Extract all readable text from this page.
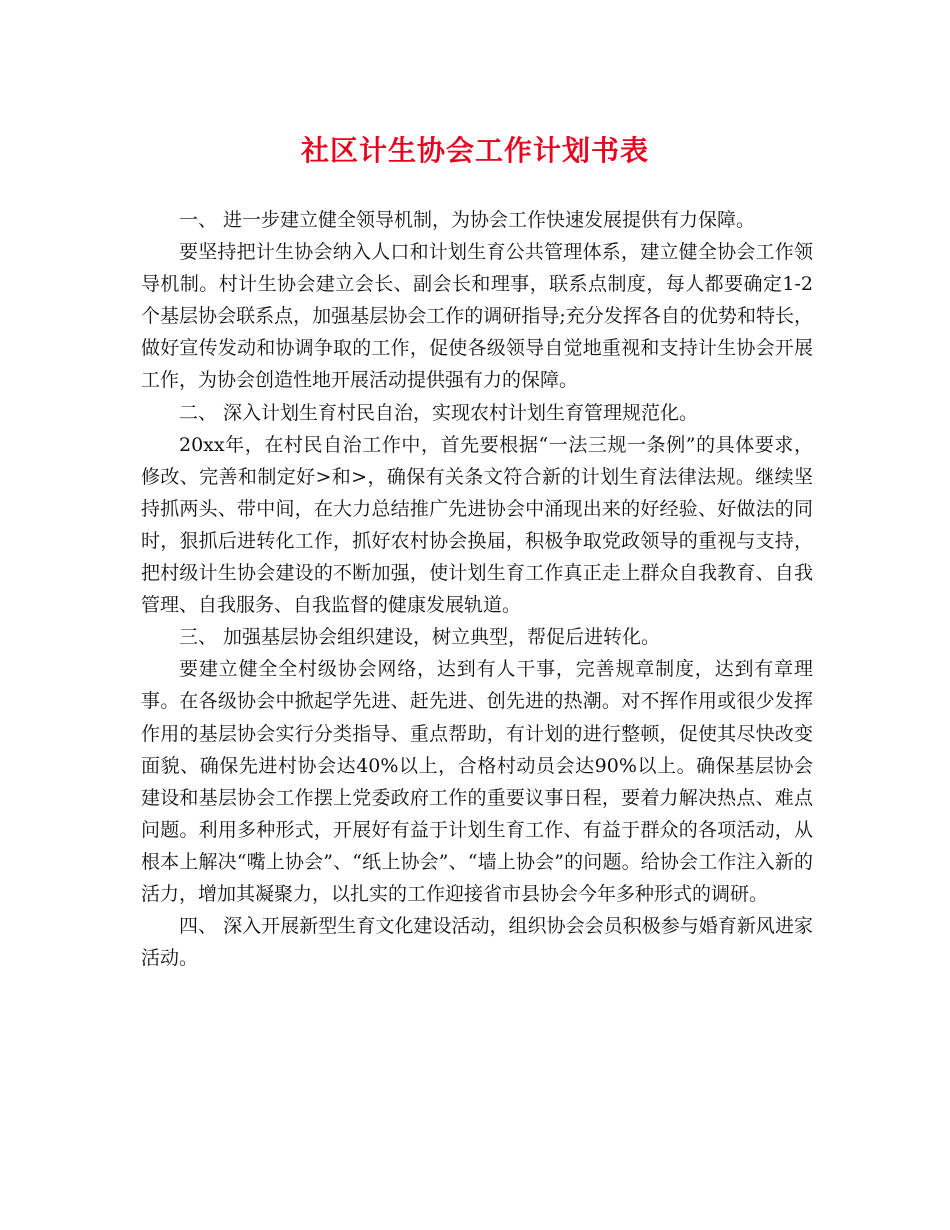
社区计生协会工作计划书表

一、 进一步建立健全领导机制，为协会工作快速发展提供有力保障。

要坚持把计生协会纳入人口和计划生育公共管理体系，建立健全协会工作领导机制。村计生协会建立会长、副会长和理事，联系点制度，每人都要确定1-2个基层协会联系点，加强基层协会工作的调研指导;充分发挥各自的优势和特长，做好宣传发动和协调争取的工作，促使各级领导自觉地重视和支持计生协会开展工作，为协会创造性地开展活动提供强有力的保障。

二、 深入计划生育村民自治，实现农村计划生育管理规范化。

20xx年，在村民自治工作中，首先要根据“一法三规一条例”的具体要求，修改、完善和制定好>和>，确保有关条文符合新的计划生育法律法规。继续坚持抓两头、带中间，在大力总结推广先进协会中涌现出来的好经验、好做法的同时，狠抓后进转化工作，抓好农村协会换届，积极争取党政领导的重视与支持，把村级计生协会建设的不断加强，使计划生育工作真正走上群众自我教育、自我管理、自我服务、自我监督的健康发展轨道。

三、 加强基层协会组织建设，树立典型，帮促后进转化。

要建立健全全村级协会网络，达到有人干事，完善规章制度，达到有章理事。在各级协会中掀起学先进、赶先进、创先进的热潮。对不挥作用或很少发挥作用的基层协会实行分类指导、重点帮助，有计划的进行整顿，促使其尽快改变面貌、确保先进村协会达40%以上，合格村动员会达90%以上。确保基层协会建设和基层协会工作摆上党委政府工作的重要议事日程，要着力解决热点、难点问题。利用多种形式，开展好有益于计划生育工作、有益于群众的各项活动，从根本上解决“嘴上协会”、“纸上协会”、“墙上协会”的问题。给协会工作注入新的活力，增加其凝聚力，以扎实的工作迎接省市县协会今年多种形式的调研。

四、 深入开展新型生育文化建设活动，组织协会会员积极参与婚育新风进家活动。
